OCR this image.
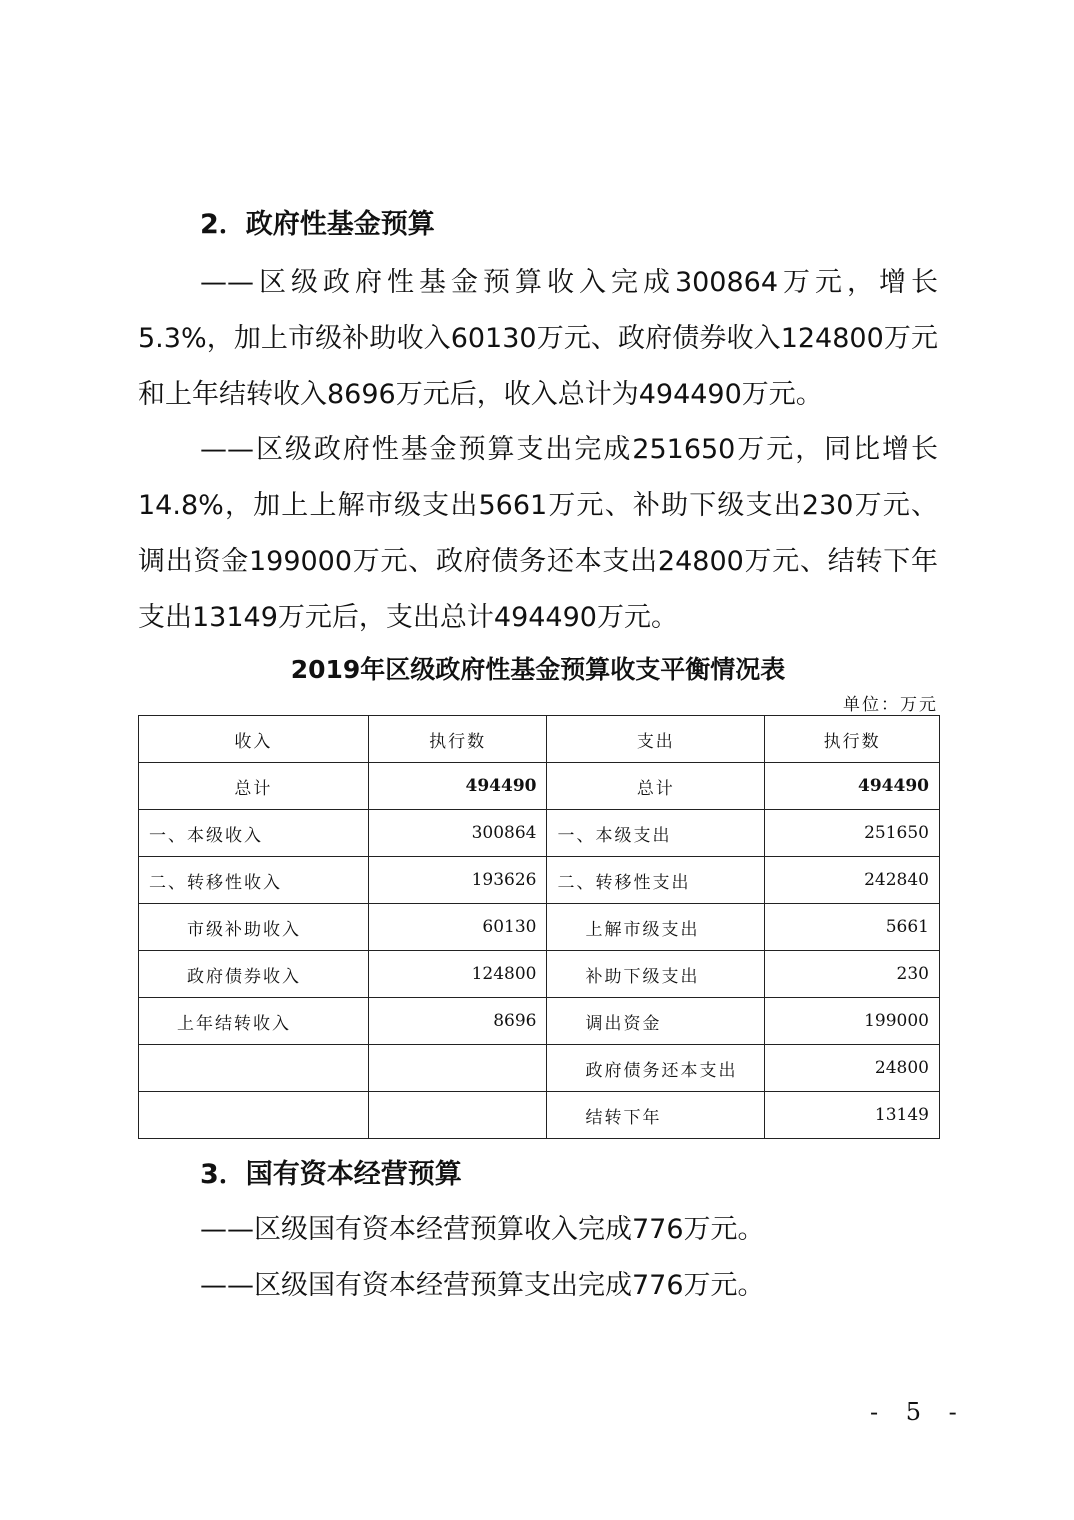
2．政府性基金预算
——区级政府性基金预算收入完成300864万元，增长5.3%，加上市级补助收入60130万元、政府债券收入124800万元和上年结转收入8696万元后，收入总计为494490万元。
——区级政府性基金预算支出完成251650万元，同比增长14.8%，加上上解市级支出5661万元、补助下级支出230万元、调出资金199000万元、政府债务还本支出24800万元、结转下年支出13149万元后，支出总计494490万元。
2019年区级政府性基金预算收支平衡情况表
单位：万元
收入	执行数	支出	执行数
总计	494490	总计	494490
一、本级收入	300864	一、本级支出	251650
二、转移性收入	193626	二、转移性支出	242840
市级补助收入	60130	上解市级支出	5661
政府债券收入	124800	补助下级支出	230
上年结转收入	8696	调出资金	199000
		政府债务还本支出	24800
		结转下年	13149
3．国有资本经营预算
——区级国有资本经营预算收入完成776万元。
——区级国有资本经营预算支出完成776万元。
- 5 -
